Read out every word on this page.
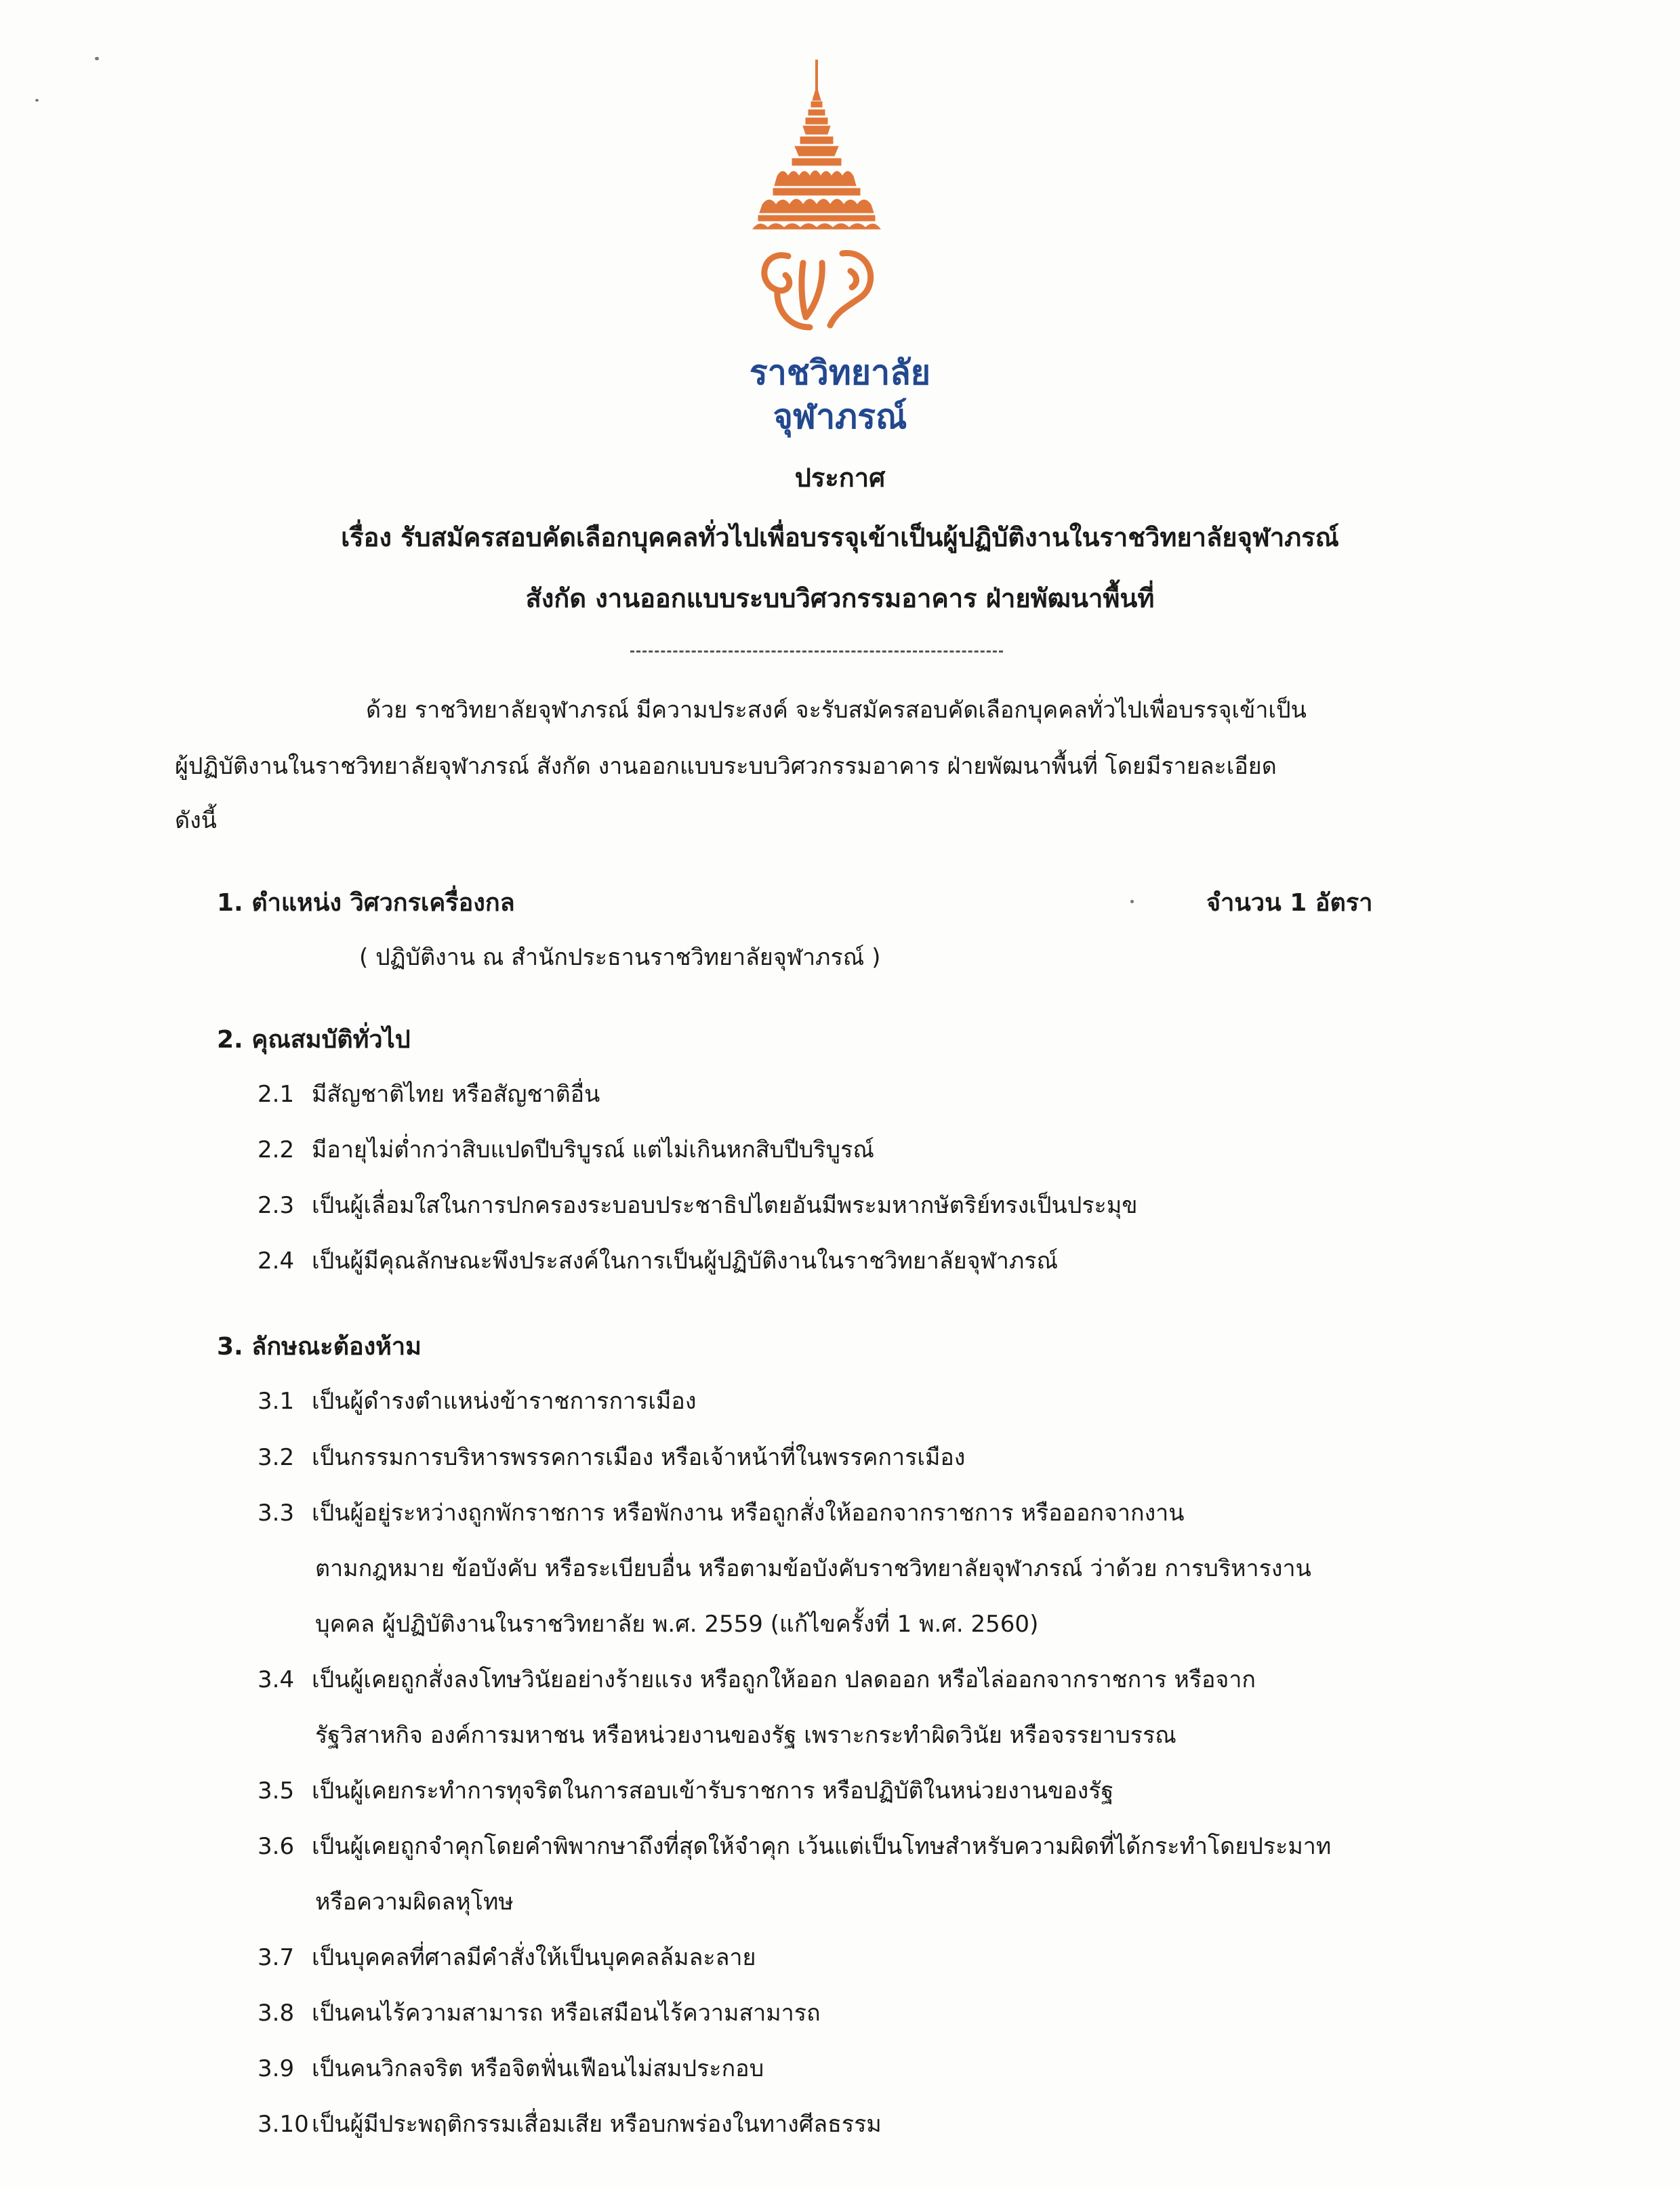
ราชวิทยาลัย
จุฬาภรณ์
ประกาศ
เรื่อง รับสมัครสอบคัดเลือกบุคคลทั่วไปเพื่อบรรจุเข้าเป็นผู้ปฏิบัติงานในราชวิทยาลัยจุฬาภรณ์
สังกัด งานออกแบบระบบวิศวกรรมอาคาร ฝ่ายพัฒนาพื้นที่
ด้วย ราชวิทยาลัยจุฬาภรณ์ มีความประสงค์ จะรับสมัครสอบคัดเลือกบุคคลทั่วไปเพื่อบรรจุเข้าเป็น
ผู้ปฏิบัติงานในราชวิทยาลัยจุฬาภรณ์ สังกัด งานออกแบบระบบวิศวกรรมอาคาร ฝ่ายพัฒนาพื้นที่ โดยมีรายละเอียด
ดังนี้
1. ตำแหน่ง วิศวกรเครื่องกล	จำนวน 1 อัตรา
( ปฏิบัติงาน ณ สำนักประธานราชวิทยาลัยจุฬาภรณ์ )
2. คุณสมบัติทั่วไป
2.1 มีสัญชาติไทย หรือสัญชาติอื่น
2.2 มีอายุไม่ต่ำกว่าสิบแปดปีบริบูรณ์ แต่ไม่เกินหกสิบปีบริบูรณ์
2.3 เป็นผู้เลื่อมใสในการปกครองระบอบประชาธิปไตยอันมีพระมหากษัตริย์ทรงเป็นประมุข
2.4 เป็นผู้มีคุณลักษณะพึงประสงค์ในการเป็นผู้ปฏิบัติงานในราชวิทยาลัยจุฬาภรณ์
3. ลักษณะต้องห้าม
3.1 เป็นผู้ดำรงตำแหน่งข้าราชการการเมือง
3.2 เป็นกรรมการบริหารพรรคการเมือง หรือเจ้าหน้าที่ในพรรคการเมือง
3.3 เป็นผู้อยู่ระหว่างถูกพักราชการ หรือพักงาน หรือถูกสั่งให้ออกจากราชการ หรือออกจากงาน
ตามกฎหมาย ข้อบังคับ หรือระเบียบอื่น หรือตามข้อบังคับราชวิทยาลัยจุฬาภรณ์ ว่าด้วย การบริหารงาน
บุคคล ผู้ปฏิบัติงานในราชวิทยาลัย พ.ศ. 2559 (แก้ไขครั้งที่ 1 พ.ศ. 2560)
3.4 เป็นผู้เคยถูกสั่งลงโทษวินัยอย่างร้ายแรง หรือถูกให้ออก ปลดออก หรือไล่ออกจากราชการ หรือจาก
รัฐวิสาหกิจ องค์การมหาชน หรือหน่วยงานของรัฐ เพราะกระทำผิดวินัย หรือจรรยาบรรณ
3.5 เป็นผู้เคยกระทำการทุจริตในการสอบเข้ารับราชการ หรือปฏิบัติในหน่วยงานของรัฐ
3.6 เป็นผู้เคยถูกจำคุกโดยคำพิพากษาถึงที่สุดให้จำคุก เว้นแต่เป็นโทษสำหรับความผิดที่ได้กระทำโดยประมาท
หรือความผิดลหุโทษ
3.7 เป็นบุคคลที่ศาลมีคำสั่งให้เป็นบุคคลล้มละลาย
3.8 เป็นคนไร้ความสามารถ หรือเสมือนไร้ความสามารถ
3.9 เป็นคนวิกลจริต หรือจิตฟั่นเฟือนไม่สมประกอบ
3.10 เป็นผู้มีประพฤติกรรมเสื่อมเสีย หรือบกพร่องในทางศีลธรรม
